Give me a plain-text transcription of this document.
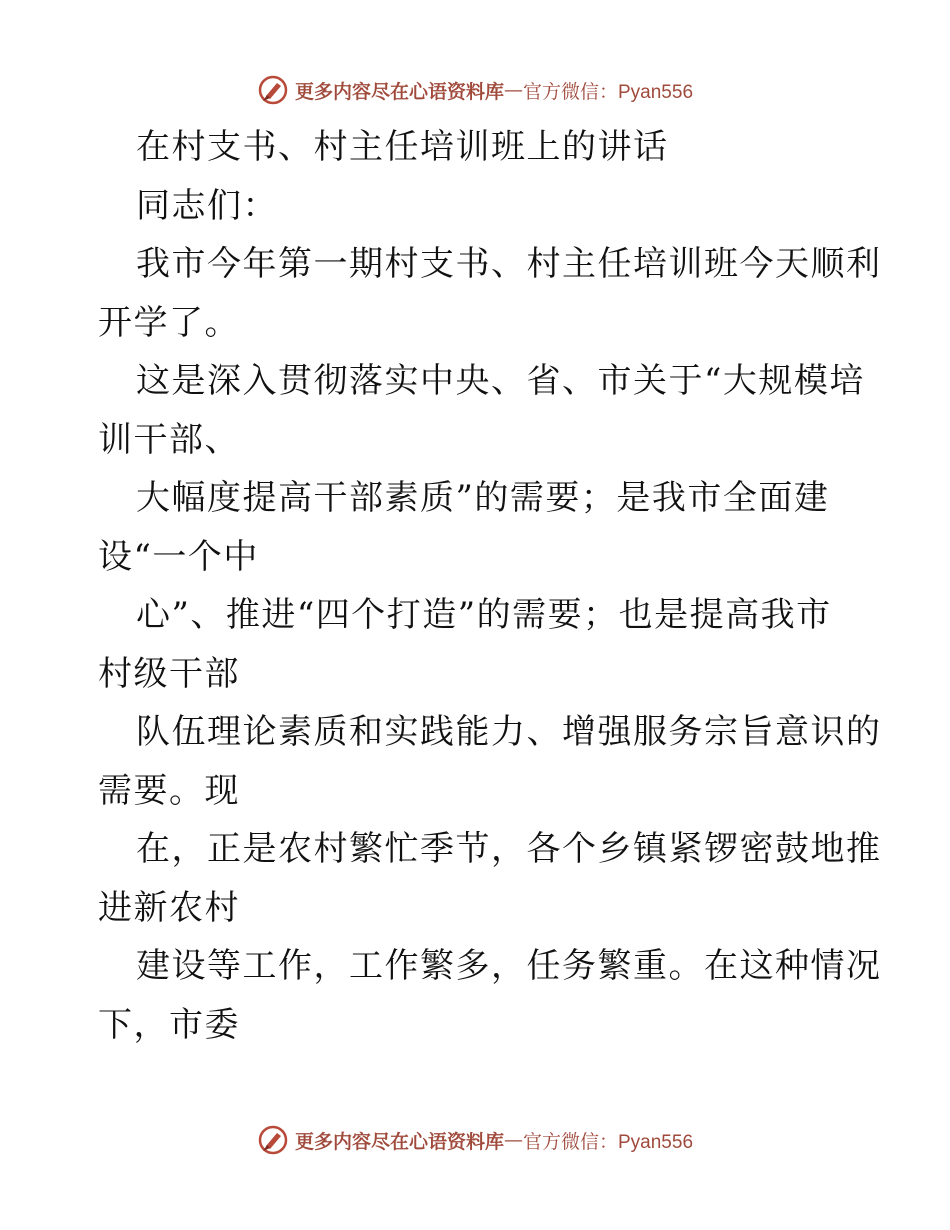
更多内容尽在心语资料库 — 官方微信：Pyan556
在村支书、村主任培训班上的讲话
同志们：
我市今年第一期村支书、村主任培训班今天顺利
开学了。
这是深入贯彻落实中央、省、市关于“大规模培
训干部、
大幅度提高干部素质”的需要；是我市全面建
设“一个中
心”、推进“四个打造”的需要；也是提高我市
村级干部
队伍理论素质和实践能力、增强服务宗旨意识的
需要。现
在，正是农村繁忙季节，各个乡镇紧锣密鼓地推
进新农村
建设等工作，工作繁多，任务繁重。在这种情况
下，市委
更多内容尽在心语资料库 — 官方微信：Pyan556
